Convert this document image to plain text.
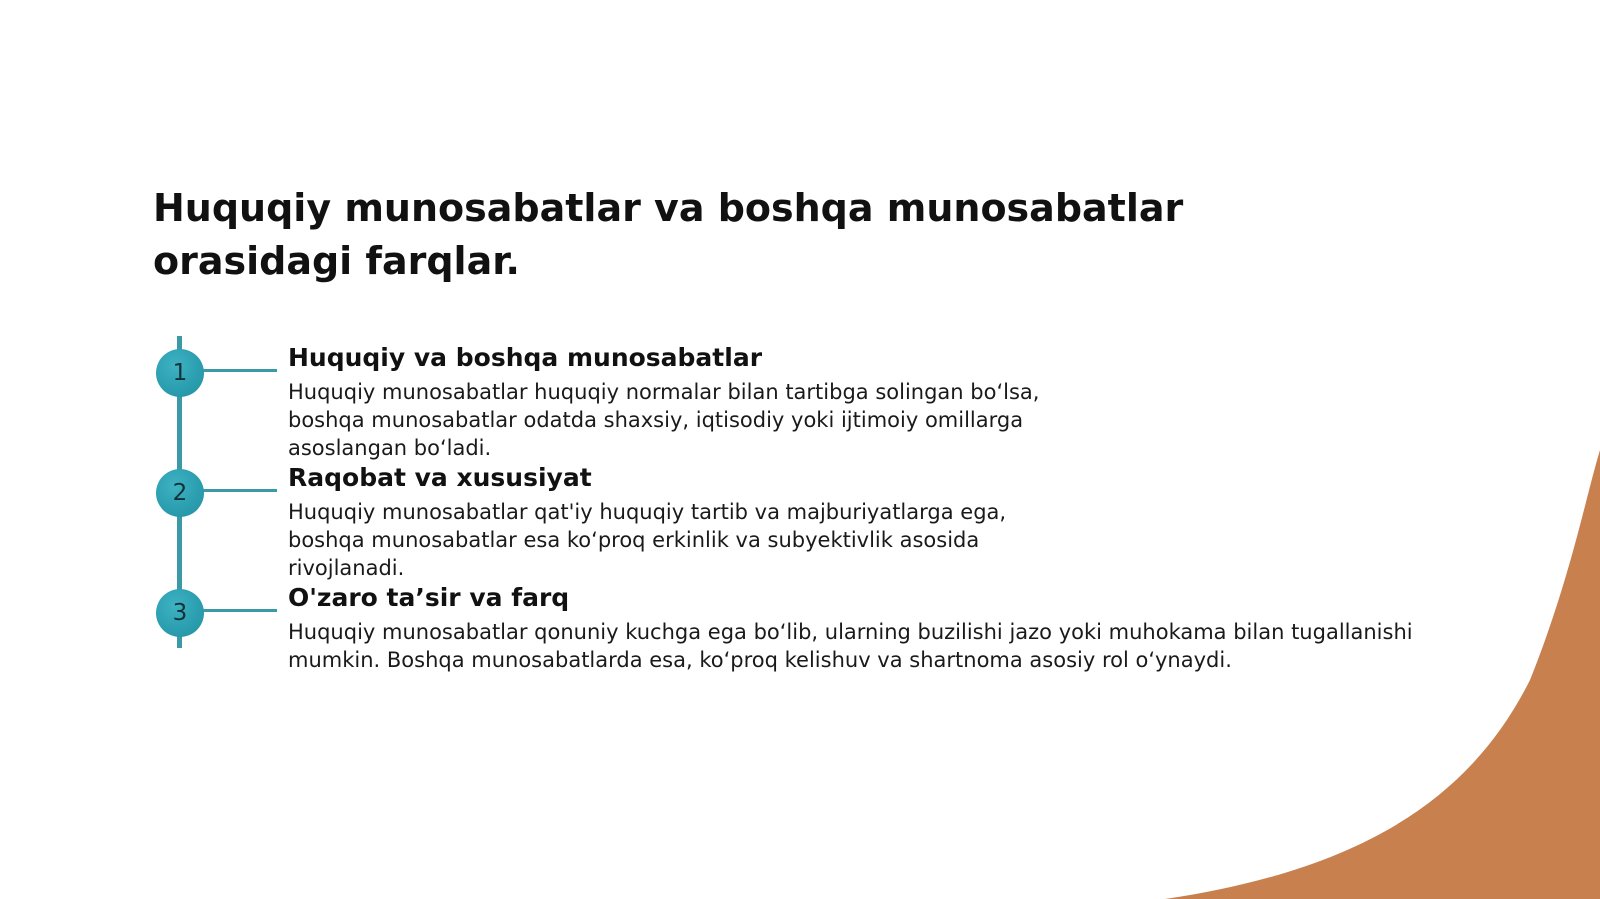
Huquqiy munosabatlar va boshqa munosabatlar orasidagi farqlar.
1
Huquqiy va boshqa munosabatlar

Huquqiy munosabatlar huquqiy normalar bilan tartibga solingan bo‘lsa, boshqa munosabatlar odatda shaxsiy, iqtisodiy yoki ijtimoiy omillarga asoslangan bo‘ladi.

2
Raqobat va xususiyat

Huquqiy munosabatlar qat'iy huquqiy tartib va majburiyatlarga ega, boshqa munosabatlar esa ko‘proq erkinlik va subyektivlik asosida rivojlanadi.

3
O'zaro ta’sir va farq

Huquqiy munosabatlar qonuniy kuchga ega bo‘lib, ularning buzilishi jazo yoki muhokama bilan tugallanishi mumkin. Boshqa munosabatlarda esa, ko‘proq kelishuv va shartnoma asosiy rol o‘ynaydi.
